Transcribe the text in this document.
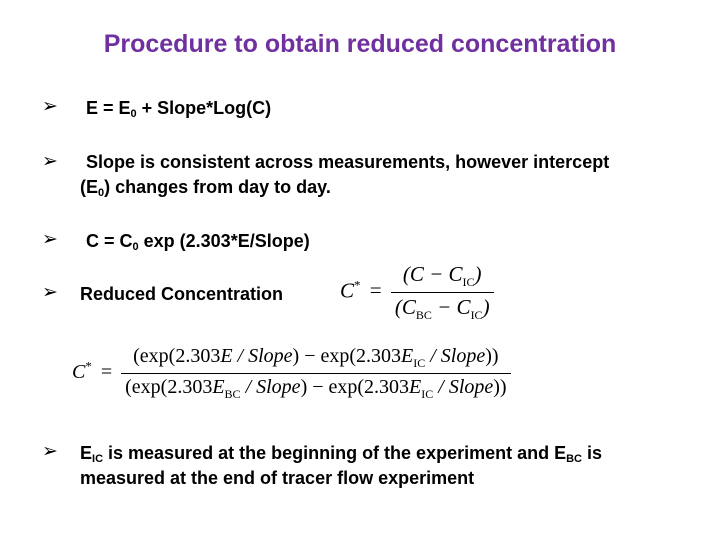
Procedure to obtain reduced concentration
➢ $E = E_0$ + Slope*Log(C)
➢ Slope is consistent across measurements, however intercept
$(E_0)$ changes from day to day.
➢ $C = C_0$ exp (2.303*E/Slope)
➢ Reduced Concentration	$C^* = \frac{(C - C_{IC})}{(C_{BC} - C_{IC})}$
$C^* = \frac{(\exp(2.303E / Slope) - \exp(2.303E_{IC} / Slope))}{(\exp(2.303E_{BC} / Slope) - \exp(2.303E_{IC} / Slope))}$
➢ $E_{IC}$ is measured at the beginning of the experiment and $E_{BC}$ is
measured at the end of tracer flow experiment
